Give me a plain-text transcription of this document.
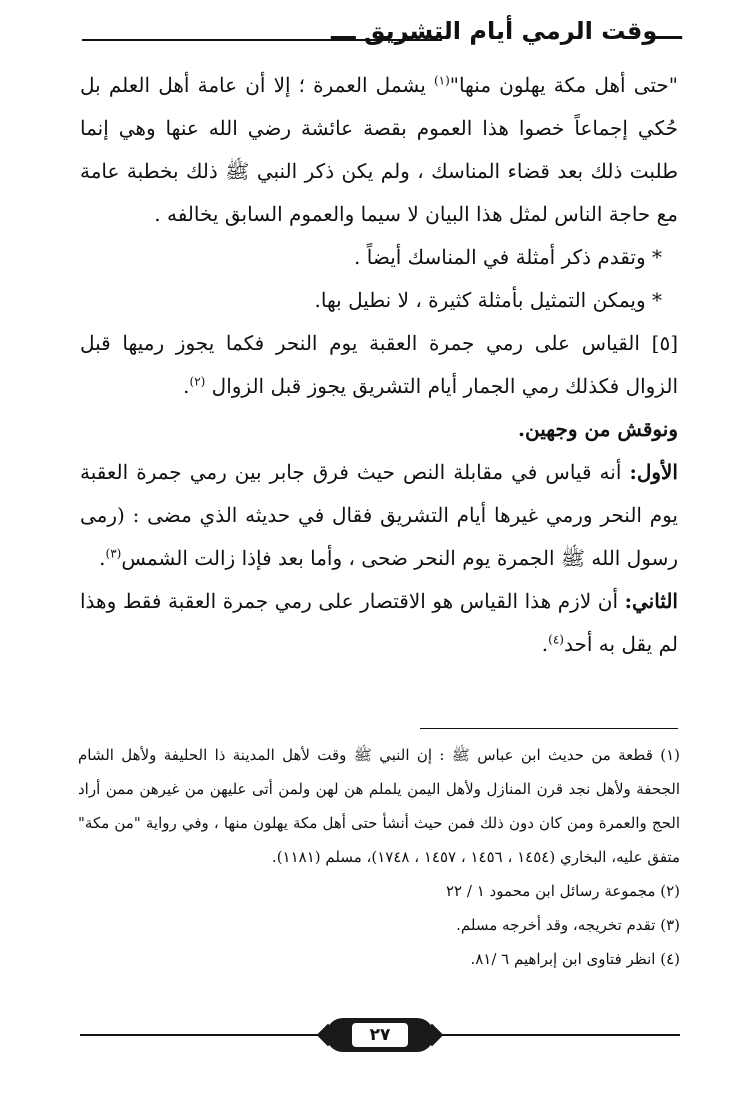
ـــوقت الرمي أيام التشريق ـــ

"حتى أهل مكة يهلون منها"$^{(١)}$ يشمل العمرة ؛ إلا أن عامة أهل العلم بل حُكي إجماعاً خصوا هذا العموم بقصة عائشة رضي الله عنها وهي إنما طلبت ذلك بعد قضاء المناسك ، ولم يكن ذكر النبي ﷺ ذلك بخطبة عامة مع حاجة الناس لمثل هذا البيان لا سيما والعموم السابق يخالفه .

* وتقدم ذكر أمثلة في المناسك أيضاً .

* ويمكن التمثيل بأمثلة كثيرة ، لا نطيل بها.

[٥] القياس على رمي جمرة العقبة يوم النحر فكما يجوز رميها قبل الزوال فكذلك رمي الجمار أيام التشريق يجوز قبل الزوال $^{(٢)}$.

ونوقش من وجهين.

الأول: أنه قياس في مقابلة النص حيث فرق جابر بين رمي جمرة العقبة يوم النحر ورمي غيرها أيام التشريق فقال في حديثه الذي مضى : (رمى رسول الله ﷺ الجمرة يوم النحر ضحى ، وأما بعد فإذا زالت الشمس$^{(٣)}$.

الثاني: أن لازم هذا القياس هو الاقتصار على رمي جمرة العقبة فقط وهذا لم يقل به أحد$^{(٤)}$.

(١) قطعة من حديث ابن عباس ﷺ : إن النبي ﷺ وقت لأهل المدينة ذا الحليفة ولأهل الشام الجحفة ولأهل نجد قرن المنازل ولأهل اليمن يلملم هن لهن ولمن أتى عليهن من غيرهن ممن أراد الحج والعمرة ومن كان دون ذلك فمن حيث أنشأ حتى أهل مكة يهلون منها ، وفي رواية "من مكة" متفق عليه، البخاري (١٤٥٤ ، ١٤٥٦ ، ١٤٥٧ ، ١٧٤٨)، مسلم (١١٨١).

(٢) مجموعة رسائل ابن محمود ١ / ٢٢

(٣) تقدم تخريجه، وقد أخرجه مسلم.

(٤) انظر فتاوى ابن إبراهيم ٦ /٨١.

٢٧
